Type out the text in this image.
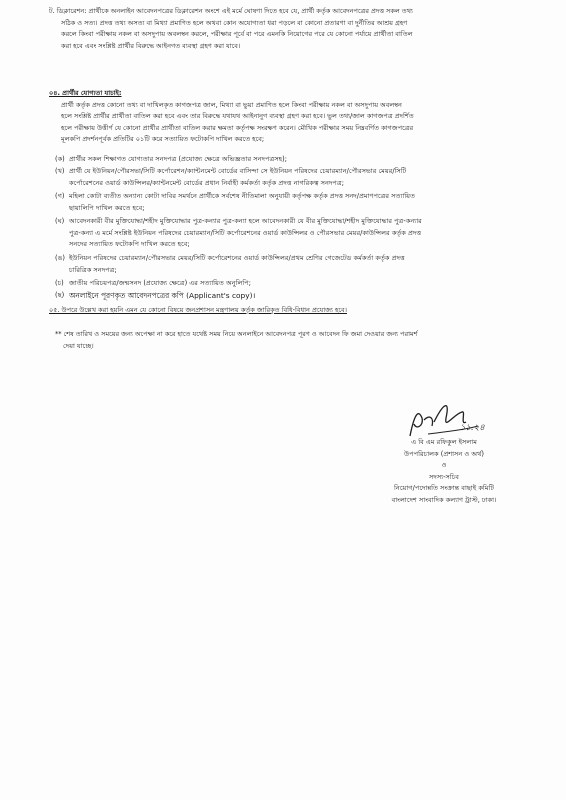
ট. ডিক্লারেশন: প্রার্থীকে অনলাইন আবেদনপত্রের ডিক্লারেশন অংশে এই মর্মে ঘোষণা দিতে হবে যে, প্রার্থী কর্তৃক আবেদনপত্রের প্রদত্ত সকল তথ্য
সঠিক ও সত্য। প্রদত্ত তথ্য অসত্য বা মিথ্যা প্রমাণিত হলে অথবা কোন অযোগ্যতা ধরা পড়লে বা কোনো প্রতারণা বা দুর্নীতির আশ্রয় গ্রহণ
করলে কিংবা পরীক্ষায় নকল বা অসদুপায় অবলম্বন করলে, পরীক্ষার পূর্বে বা পরে এমনকি নিয়োগের পরে যে কোনো পর্যায়ে প্রার্থীতা বাতিল
করা হবে এবং সংশ্লিষ্ট প্রার্থীর বিরুদ্ধে আইনগত ব্যবস্থা গ্রহণ করা যাবে।
০৪. প্রার্থীর যোগ্যতা যাচাই:
প্রার্থী কর্তৃক প্রদত্ত কোনো তথ্য বা দাখিলকৃত কাগজপত্র জাল, মিথ্যা বা ভুয়া প্রমাণিত হলে কিংবা পরীক্ষায় নকল বা অসদুপায় অবলম্বন
হলে সংশ্লিষ্ট প্রার্থীর প্রার্থীতা বাতিল করা হবে এবং তার বিরুদ্ধে যথাযথ আইনানুগ ব্যবস্থা গ্রহণ করা হবে। ভুল তথ্য/জাল কাগজপত্র প্রদর্শিত
হলে পরীক্ষায় উত্তীর্ণ যে কোনো প্রার্থীর প্রার্থীতা বাতিল করার ক্ষমতা কর্তৃপক্ষ সংরক্ষণ করেন। মৌখিক পরীক্ষার সময় নিম্নবর্ণিত কাগজপত্রের
মূলকপি প্রদর্শনপূর্বক প্রতিটির ০১টি করে সত্যায়িত ফটোকপি দাখিল করতে হবে;
(ক) প্রার্থীর সকল শিক্ষাগত যোগ্যতার সনদপত্র (প্রযোজ্য ক্ষেত্রে অভিজ্ঞতার সনদপত্রসহ);
(খ) প্রার্থী যে ইউনিয়ন/পৌরসভা/সিটি কর্পোরেশন/ক্যান্টনমেন্ট বোর্ডের বাসিন্দা সে ইউনিয়ন পরিষদের চেয়ারম্যান/পৌরসভার মেয়র/সিটি
কর্পোরেশনের ওয়ার্ড কাউন্সিলর/ক্যান্টনমেন্ট বোর্ডের প্রধান নির্বাহী কর্মকর্তা কর্তৃক প্রদত্ত নাগরিকত্ব সনদপত্র;
(গ) মহিলা কোটা ব্যতীত অন্যান্য কোটা দাবির সমর্থনে প্রার্থীকে সর্বশেষ নীতিমালা অনুযায়ী কর্তৃপক্ষ কর্তৃক প্রদত্ত সনদ/প্রমাণপত্রের সত্যায়িত
ছায়ালিপি দাখিল করতে হবে;
(ঘ) আবেদনকারী বীর মুক্তিযোদ্ধা/শহীদ মুক্তিযোদ্ধার পুত্র-কন্যার পুত্র-কন্যা হলে আবেদনকারী যে বীর মুক্তিযোদ্ধা/শহীদ মুক্তিযোদ্ধার পুত্র-কন্যার
পুত্র-কন্যা এ মর্মে সংশ্লিষ্ট ইউনিয়ন পরিষদের চেয়ারম্যান/সিটি কর্পোরেশনের ওয়ার্ড কাউন্সিলর ও পৌরসভার মেয়র/কাউন্সিলর কর্তৃক প্রদত্ত
সনদের সত্যায়িত ফটোকপি দাখিল করতে হবে;
(ঙ) ইউনিয়ন পরিষদের চেয়ারম্যান/পৌরসভার মেয়র/সিটি কর্পোরেশনের ওয়ার্ড কাউন্সিলর/প্রথম শ্রেণির গেজেটেড কর্মকর্তা কর্তৃক প্রদত্ত
চারিত্রিক সনদপত্র;
(চ) জাতীয় পরিচয়পত্র/জন্মসনদ (প্রযোজ্য ক্ষেত্রে) এর সত্যায়িত অনুলিপি;
(ছ) অনলাইনে পূরণকৃত আবেদনপত্রের কপি (Applicant's copy)।
০৫. উপরে উল্লেখ করা হয়নি এমন যে কোনো বিষয়ে জনপ্রশাসন মন্ত্রণালয় কর্তৃক জারিকৃত বিধি-বিধান প্রযোজ্য হবে।
** শেষ তারিখ ও সময়ের জন্য অপেক্ষা না করে হাতে যথেষ্ট সময় নিয়ে অনলাইনে আবেদনপত্র পূরণ ও আবেদন ফি জমা দেওয়ার জন্য পরামর্শ
দেয়া যাচ্ছে।
১১.২৪
এ বি এম রফিকুল ইসলাম
উপপরিচালক (প্রশাসন ও অর্থ)
ও
সদস্য-সচিব
নিয়োগ/পদোন্নতি সংক্রান্ত বাছাই কমিটি
বাংলাদেশ সাংবাদিক কল্যাণ ট্রাস্ট, ঢাকা।
